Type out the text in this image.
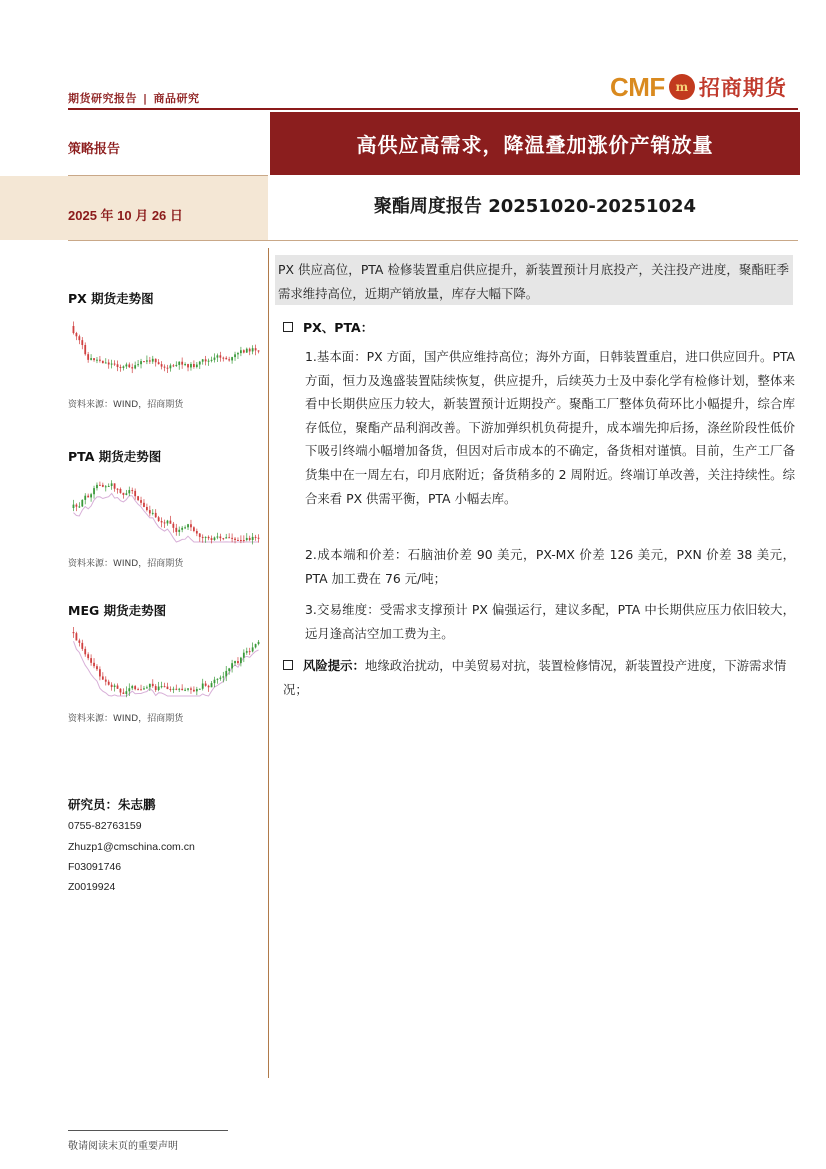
期货研究报告 | 商品研究	CMF m 招商期货
策略报告	高供应高需求，降温叠加涨价产销放量
2025 年 10 月 26 日	聚酯周度报告 20251020-20251024
PX 期货走势图
资料来源：WIND，招商期货
PTA 期货走势图
资料来源：WIND，招商期货
MEG 期货走势图
资料来源：WIND，招商期货
研究员：朱志鹏
0755-82763159
Zhuzp1@cmschina.com.cn
F03091746
Z0019924

PX 供应高位，PTA 检修装置重启供应提升，新装置预计月底投产，关注投产进度，聚酯旺季需求维持高位，近期产销放量，库存大幅下降。

PX、PTA：

1.基本面：PX 方面，国产供应维持高位；海外方面，日韩装置重启，进口供应回升。PTA 方面，恒力及逸盛装置陆续恢复，供应提升，后续英力士及中泰化学有检修计划，整体来看中长期供应压力较大，新装置预计近期投产。聚酯工厂整体负荷环比小幅提升，综合库存低位，聚酯产品利润改善。下游加弹织机负荷提升，成本端先抑后扬，涤丝阶段性低价下吸引终端小幅增加备货，但因对后市成本的不确定，备货相对谨慎。目前，生产工厂备货集中在一周左右，印月底附近；备货稍多的 2 周附近。终端订单改善，关注持续性。综合来看 PX 供需平衡，PTA 小幅去库。

2.成本端和价差：石脑油价差 90 美元，PX-MX 价差 126 美元，PXN 价差 38 美元，PTA 加工费在 76 元/吨；

3.交易维度：受需求支撑预计 PX 偏强运行，建议多配，PTA 中长期供应压力依旧较大，远月逢高沽空加工费为主。

风险提示：地缘政治扰动，中美贸易对抗，装置检修情况，新装置投产进度，下游需求情况；
敬请阅读末页的重要声明
